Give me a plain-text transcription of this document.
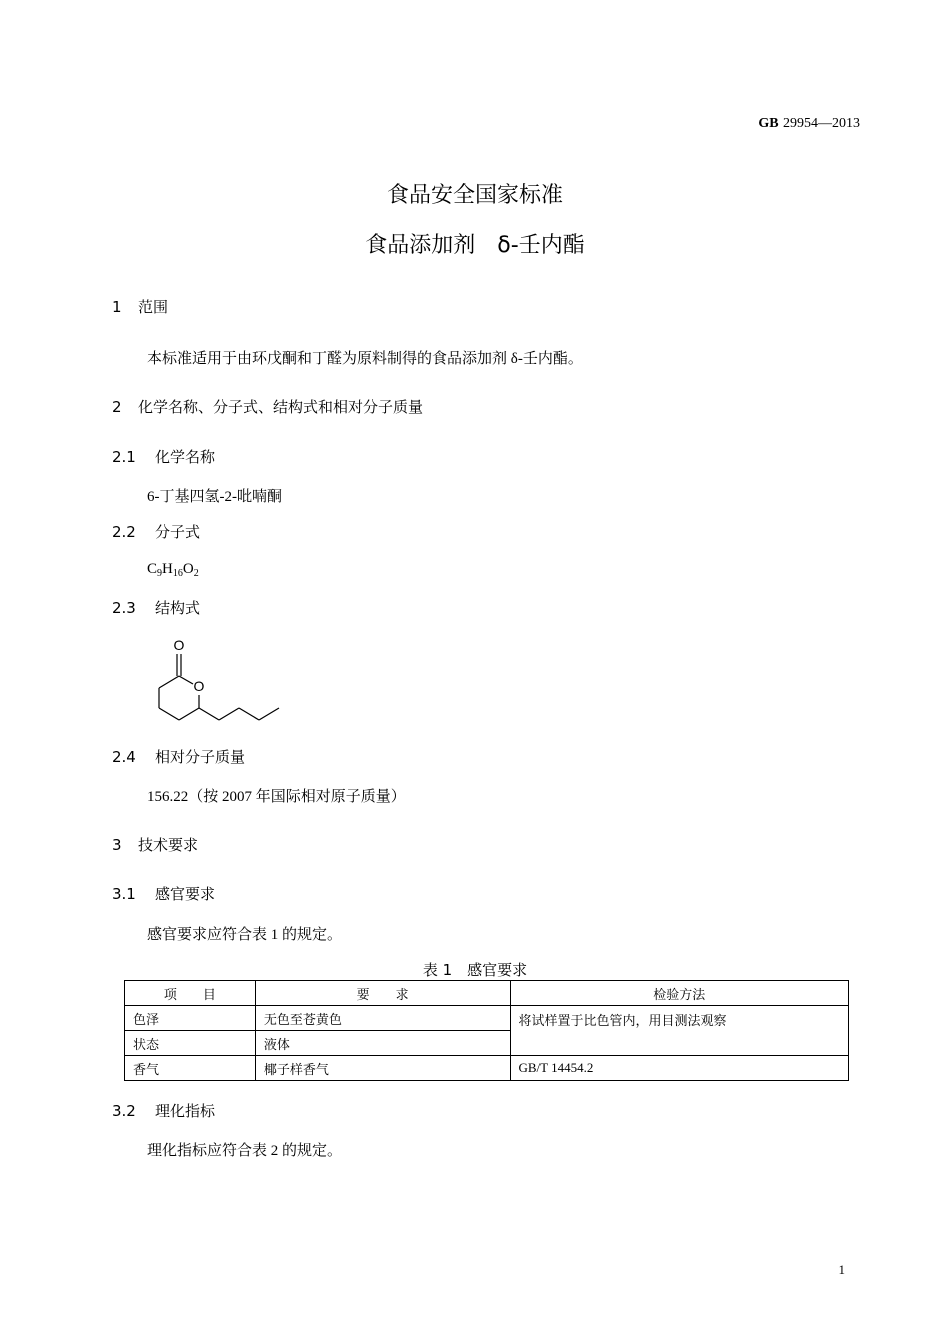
GB 29954—2013
食品安全国家标准
食品添加剂　δ-壬内酯
1 范围
本标准适用于由环戊酮和丁醛为原料制得的食品添加剂 δ-壬内酯。
2 化学名称、分子式、结构式和相对分子质量
2.1 化学名称
6-丁基四氢-2-吡喃酮
2.2 分子式
$C_9H_{16}O_2$
2.3 结构式
O
O
2.4 相对分子质量
156.22（按 2007 年国际相对原子质量）
3 技术要求
3.1 感官要求
感官要求应符合表 1 的规定。
表 1　感官要求
项　　目	要　　求	检验方法
色泽	无色至苍黄色	将试样置于比色管内，用目测法观察
状态	液体	
香气	椰子样香气	GB/T 14454.2
3.2 理化指标
理化指标应符合表 2 的规定。
1
